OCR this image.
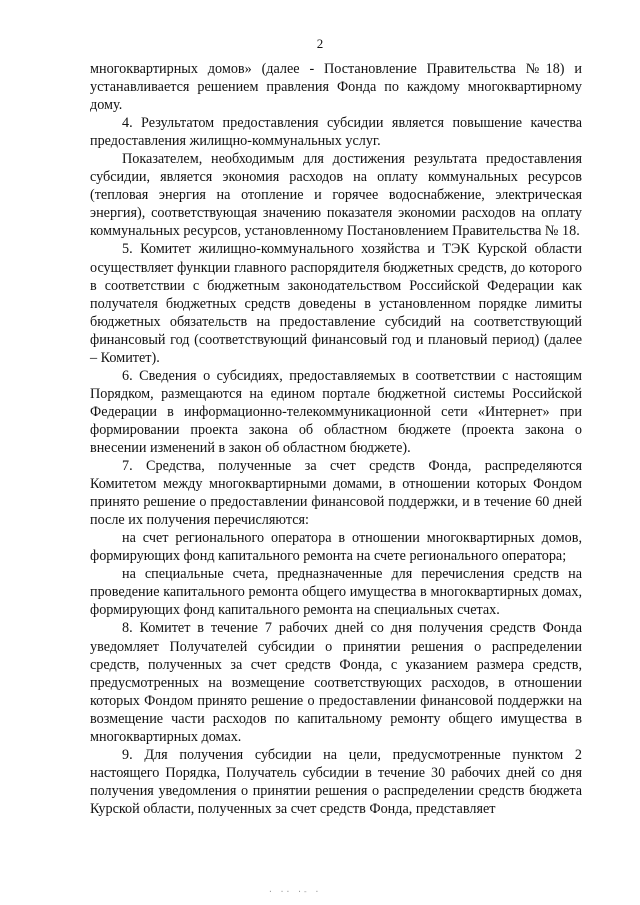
2

многоквартирных домов» (далее - Постановление Правительства №18) и устанавливается решением правления Фонда по каждому многоквартирному дому.

4. Результатом предоставления субсидии является повышение качества предоставления жилищно-коммунальных услуг.

Показателем, необходимым для достижения результата предоставления субсидии, является экономия расходов на оплату коммунальных ресурсов (тепловая энергия на отопление и горячее водоснабжение, электрическая энергия), соответствующая значению показателя экономии расходов на оплату коммунальных ресурсов, установленному Постановлением Правительства № 18.

5. Комитет жилищно-коммунального хозяйства и ТЭК Курской области осуществляет функции главного распорядителя бюджетных средств, до которого в соответствии с бюджетным законодательством Российской Федерации как получателя бюджетных средств доведены в установленном порядке лимиты бюджетных обязательств на предоставление субсидий на соответствующий финансовый год (соответствующий финансовый год и плановый период) (далее – Комитет).

6. Сведения о субсидиях, предоставляемых в соответствии с настоящим Порядком, размещаются на едином портале бюджетной системы Российской Федерации в информационно-телекоммуникационной сети «Интернет» при формировании проекта закона об областном бюджете (проекта закона о внесении изменений в закон об областном бюджете).

7. Средства, полученные за счет средств Фонда, распределяются Комитетом между многоквартирными домами, в отношении которых Фондом принято решение о предоставлении финансовой поддержки, и в течение 60 дней после их получения перечисляются:

на счет регионального оператора в отношении многоквартирных домов, формирующих фонд капитального ремонта на счете регионального оператора;

на специальные счета, предназначенные для перечисления средств на проведение капитального ремонта общего имущества в многоквартирных домах, формирующих фонд капитального ремонта на специальных счетах.

8. Комитет в течение 7 рабочих дней со дня получения средств Фонда уведомляет Получателей субсидии о принятии решения о распределении средств, полученных за счет средств Фонда, с указанием размера средств, предусмотренных на возмещение соответствующих расходов, в отношении которых Фондом принято решение о предоставлении финансовой поддержки на возмещение части расходов по капитальному ремонту общего имущества в многоквартирных домах.

9. Для получения субсидии на цели, предусмотренные пунктом 2 настоящего Порядка, Получатель субсидии в течение 30 рабочих дней со дня получения уведомления о принятии решения о распределении средств бюджета Курской области, полученных за счет средств Фонда, представляет

· ·· ·- ·
